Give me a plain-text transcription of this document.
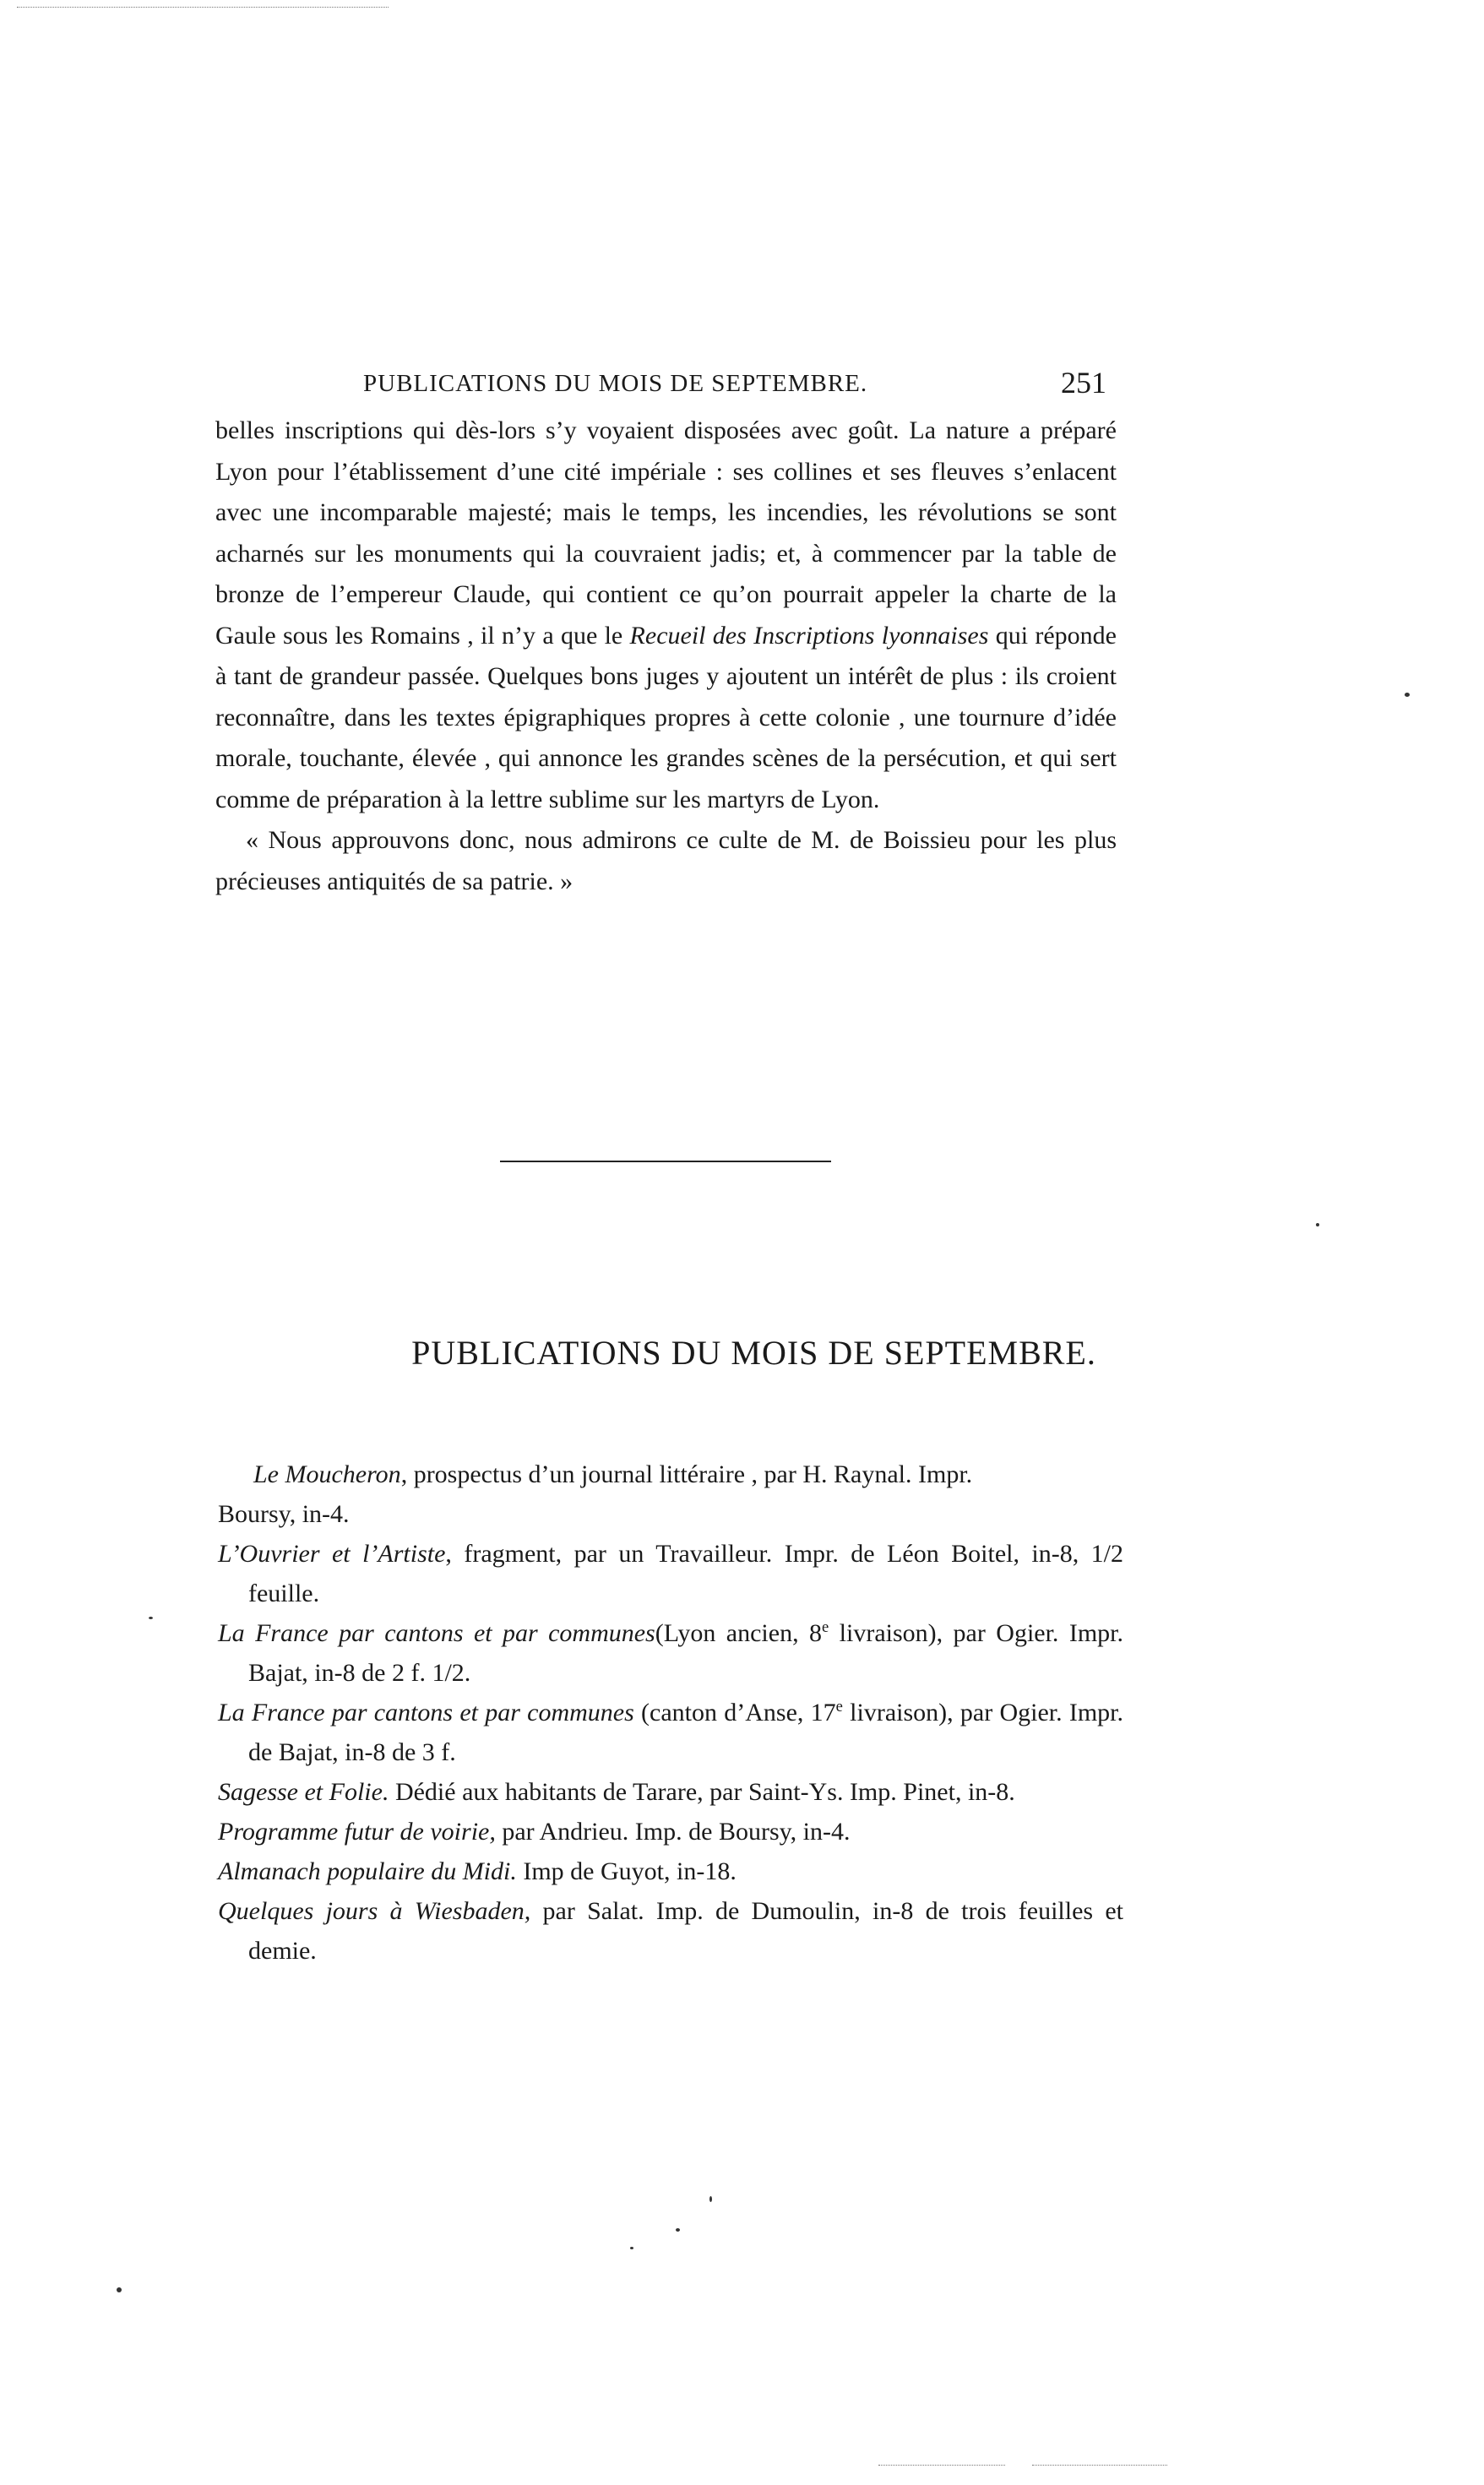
PUBLICATIONS DU MOIS DE SEPTEMBRE.	251

belles inscriptions qui dès-lors s’y voyaient disposées avec goût. La nature a préparé Lyon pour l’établissement d’une cité impériale : ses collines et ses fleuves s’enlacent avec une incomparable majesté; mais le temps, les incendies, les révolutions se sont acharnés sur les monuments qui la couvraient jadis; et, à commencer par la table de bronze de l’empereur Claude, qui contient ce qu’on pourrait appeler la charte de la Gaule sous les Romains , il n’y a que le Recueil des Inscriptions lyonnaises qui réponde à tant de grandeur passée. Quelques bons juges y ajoutent un intérêt de plus : ils croient reconnaître, dans les textes épigraphiques propres à cette colonie , une tournure d’idée morale, touchante, élevée , qui annonce les grandes scènes de la persécution, et qui sert comme de préparation à la lettre sublime sur les martyrs de Lyon.

« Nous approuvons donc, nous admirons ce culte de M. de Boissieu pour les plus précieuses antiquités de sa patrie. »

PUBLICATIONS DU MOIS DE SEPTEMBRE.
Le Moucheron, prospectus d’un journal littéraire , par H. Raynal. Impr.
Boursy, in-4.
L’Ouvrier et l’Artiste, fragment, par un Travailleur. Impr. de Léon Boitel, in-8, 1/2 feuille.
La France par cantons et par communes(Lyon ancien, 8e livraison), par Ogier. Impr. Bajat, in-8 de 2 f. 1/2.
La France par cantons et par communes (canton d’Anse, 17e livraison), par Ogier. Impr. de Bajat, in-8 de 3 f.
Sagesse et Folie. Dédié aux habitants de Tarare, par Saint-Ys. Imp. Pinet, in-8.
Programme futur de voirie, par Andrieu. Imp. de Boursy, in-4.
Almanach populaire du Midi. Imp de Guyot, in-18.
Quelques jours à Wiesbaden, par Salat. Imp. de Dumoulin, in-8 de trois feuilles et demie.
